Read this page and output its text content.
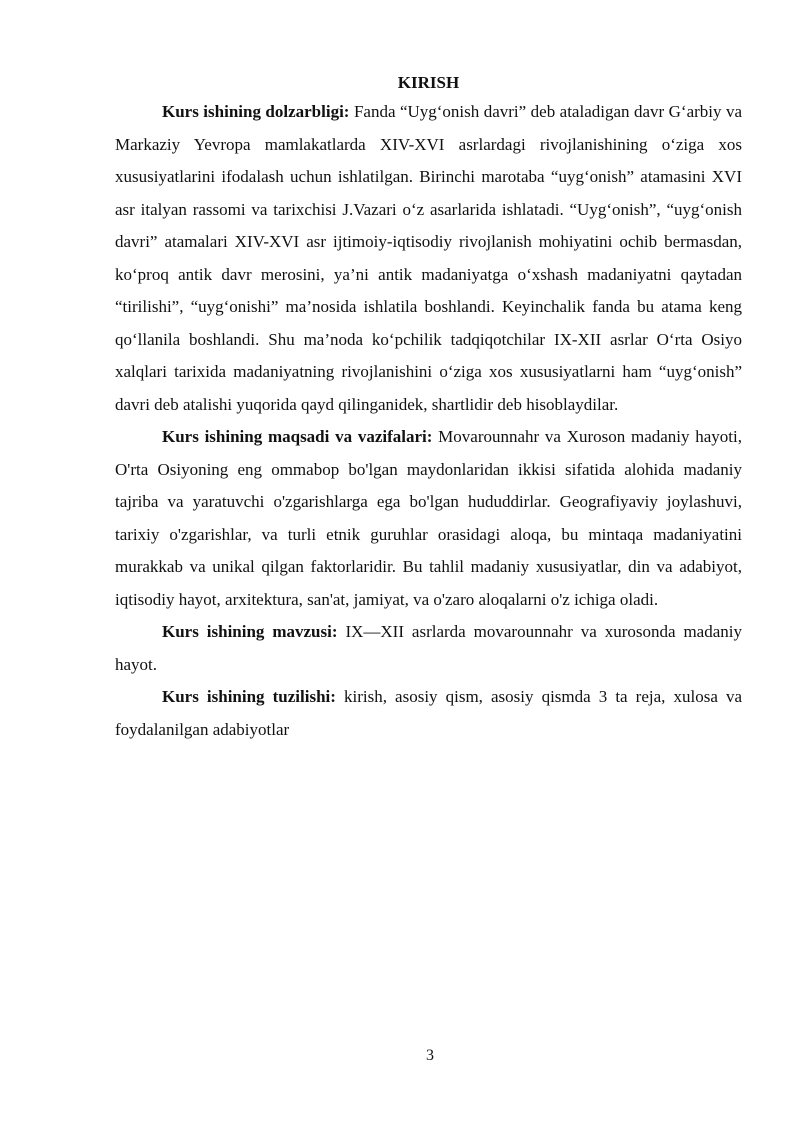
KIRISH

Kurs ishining dolzarbligi: Fanda “Uyg‘onish davri” deb ataladigan davr G‘arbiy va Markaziy Yevropa mamlakatlarda XIV-XVI asrlardagi rivojlanishining o‘ziga xos xususiyatlarini ifodalash uchun ishlatilgan. Birinchi marotaba “uyg‘onish” atamasini XVI asr italyan rassomi va tarixchisi J.Vazari o‘z asarlarida ishlatadi. “Uyg‘onish”, “uyg‘onish davri” atamalari XIV-XVI asr ijtimoiy-iqtisodiy rivojlanish mohiyatini ochib bermasdan, ko‘proq antik davr merosini, ya’ni antik madaniyatga o‘xshash madaniyatni qaytadan “tirilishi”, “uyg‘onishi” ma’nosida ishlatila boshlandi. Keyinchalik fanda bu atama keng qo‘llanila boshlandi. Shu ma’noda ko‘pchilik tadqiqotchilar IX-XII asrlar O‘rta Osiyo xalqlari tarixida madaniyatning rivojlanishini o‘ziga xos xususiyatlarni ham “uyg‘onish” davri deb atalishi yuqorida qayd qilinganidek, shartlidir deb hisoblaydilar.

Kurs ishining maqsadi va vazifalari: Movarounnahr va Xuroson madaniy hayoti, O'rta Osiyoning eng ommabop bo'lgan maydonlaridan ikkisi sifatida alohida madaniy tajriba va yaratuvchi o'zgarishlarga ega bo'lgan hududdirlar. Geografiyaviy joylashuvi, tarixiy o'zgarishlar, va turli etnik guruhlar orasidagi aloqa, bu mintaqa madaniyatini murakkab va unikal qilgan faktorlaridir. Bu tahlil madaniy xususiyatlar, din va adabiyot, iqtisodiy hayot, arxitektura, san'at, jamiyat, va o'zaro aloqalarni o'z ichiga oladi.

Kurs ishining mavzusi: IX—XII asrlarda movarounnahr va xurosonda madaniy hayot.

Kurs ishining tuzilishi: kirish, asosiy qism, asosiy qismda 3 ta reja, xulosa va foydalanilgan adabiyotlar

3
